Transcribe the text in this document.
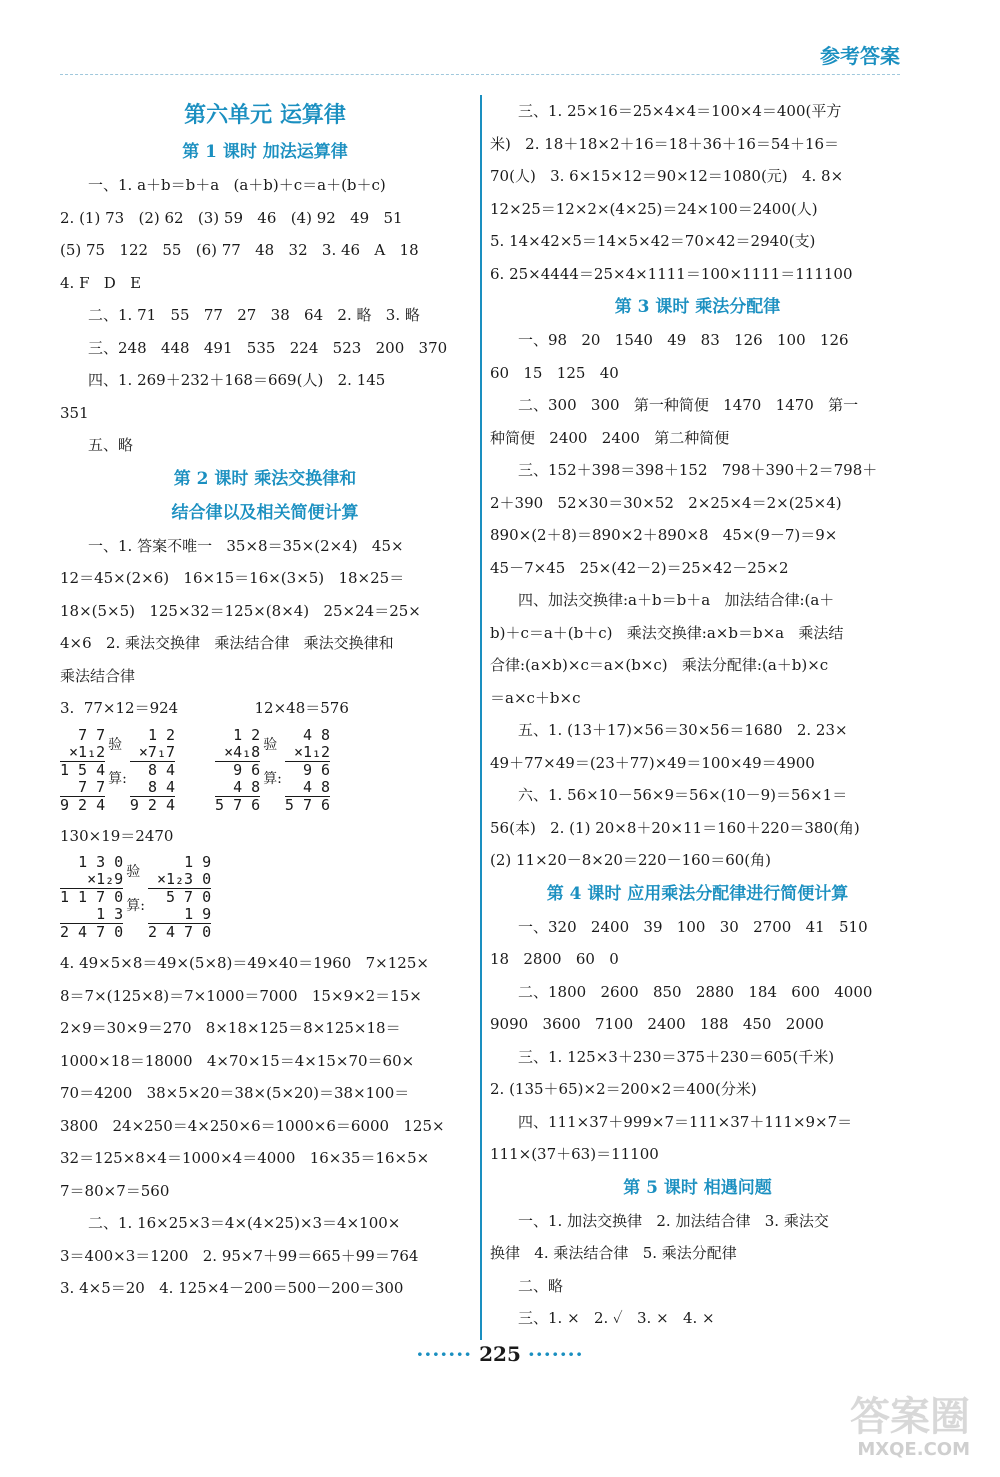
参考答案
第六单元 运算律
第 1 课时 加法运算律
一、1. a＋b＝b＋a   (a＋b)＋c＝a＋(b＋c)
2. (1) 73   (2) 62   (3) 59   46   (4) 92   49   51
(5) 75   122   55   (6) 77   48   32   3. 46   A   18
4. F   D   E
二、1. 71   55   77   27   38   64   2. 略   3. 略
三、248   448   491   535   224   523   200   370
四、1. 269＋232＋168＝669(人)   2. 145
351
五、略
第 2 课时 乘法交换律和
结合律以及相关简便计算
一、1. 答案不唯一   35×8＝35×(2×4)   45×
12＝45×(2×6)   16×15＝16×(3×5)   18×25＝
18×(5×5)   125×32＝125×(8×4)   25×24＝25×
4×6   2. 乘法交换律   乘法结合律   乘法交换律和
乘法结合律
3.  77×12＝924                12×48＝576
7 7
×1₁2
1 5 4
7 7
9 2 4
验

算:
1 2
×7₁7
8 4
8 4
9 2 4
1 2
×4₁8
9 6
4 8
5 7 6
验

算:
4 8
×1₁2
9 6
4 8
5 7 6
130×19＝2470
1 3 0
×1₂9
1 1 7 0
1 3
2 4 7 0
验

算:
1 9
×1₂3 0
5 7 0
1 9
2 4 7 0
4. 49×5×8＝49×(5×8)＝49×40＝1960   7×125×
8＝7×(125×8)＝7×1000＝7000   15×9×2＝15×
2×9＝30×9＝270   8×18×125＝8×125×18＝
1000×18＝18000   4×70×15＝4×15×70＝60×
70＝4200   38×5×20＝38×(5×20)＝38×100＝
3800   24×250＝4×250×6＝1000×6＝6000   125×
32＝125×8×4＝1000×4＝4000   16×35＝16×5×
7＝80×7＝560
二、1. 16×25×3＝4×(4×25)×3＝4×100×
3＝400×3＝1200   2. 95×7＋99＝665＋99＝764
3. 4×5＝20   4. 125×4－200＝500－200＝300
三、1. 25×16＝25×4×4＝100×4＝400(平方
米)   2. 18＋18×2＋16＝18＋36＋16＝54＋16＝
70(人)   3. 6×15×12＝90×12＝1080(元)   4. 8×
12×25＝12×2×(4×25)＝24×100＝2400(人)
5. 14×42×5＝14×5×42＝70×42＝2940(支)
6. 25×4444＝25×4×1111＝100×1111＝111100
第 3 课时 乘法分配律
一、98   20   1540   49   83   126   100   126
60   15   125   40
二、300   300   第一种简便   1470   1470   第一
种简便   2400   2400   第二种简便
三、152＋398＝398＋152   798＋390＋2＝798＋
2＋390   52×30＝30×52   2×25×4＝2×(25×4)
890×(2＋8)＝890×2＋890×8   45×(9－7)＝9×
45－7×45   25×(42－2)＝25×42－25×2
四、加法交换律:a＋b＝b＋a   加法结合律:(a＋
b)＋c＝a＋(b＋c)   乘法交换律:a×b＝b×a   乘法结
合律:(a×b)×c＝a×(b×c)   乘法分配律:(a＋b)×c
＝a×c＋b×c
五、1. (13＋17)×56＝30×56＝1680   2. 23×
49＋77×49＝(23＋77)×49＝100×49＝4900
六、1. 56×10－56×9＝56×(10－9)＝56×1＝
56(本)   2. (1) 20×8＋20×11＝160＋220＝380(角)
(2) 11×20－8×20＝220－160＝60(角)
第 4 课时 应用乘法分配律进行简便计算
一、320   2400   39   100   30   2700   41   510
18   2800   60   0
二、1800   2600   850   2880   184   600   4000
9090   3600   7100   2400   188   450   2000
三、1. 125×3＋230＝375＋230＝605(千米)
2. (135＋65)×2＝200×2＝400(分米)
四、111×37＋999×7＝111×37＋111×9×7＝
111×(37＋63)＝11100
第 5 课时 相遇问题
一、1. 加法交换律   2. 加法结合律   3. 乘法交
换律   4. 乘法结合律   5. 乘法分配律
二、略
三、1. ×   2. ✓   3. ×   4. ×
······· 225 ·······
答案圈
MXQE.COM
